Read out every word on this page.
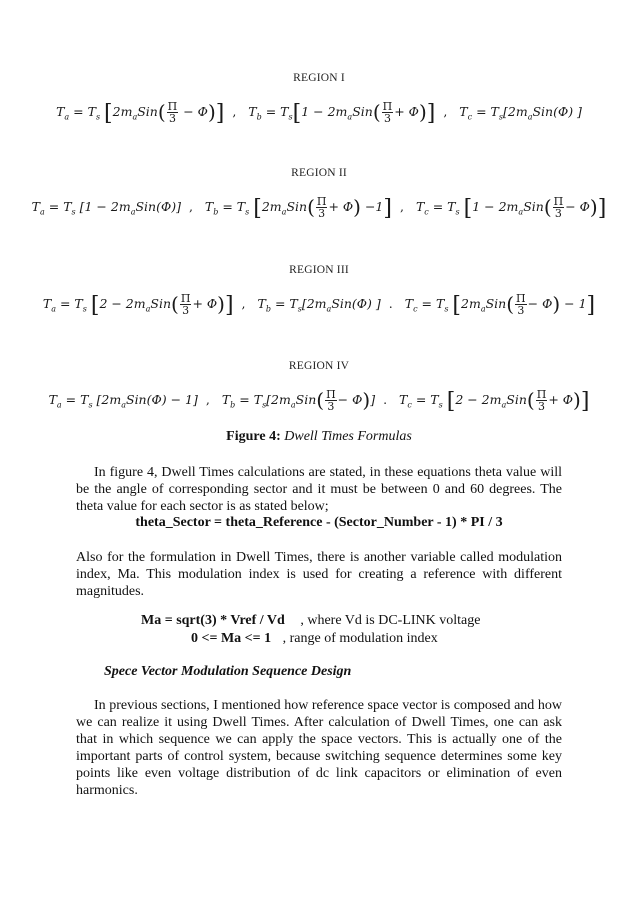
REGION I
$T_a = T_s$ $[2m_aSin( \frac{\Pi}{3} - \Phi)]$ , $T_b = T_s[1 - 2m_aSin( \frac{\Pi}{3} + \Phi)]$ , $T_c = T_s[2m_aSin(\Phi)$ ]
REGION II
$T_a = T_s$ $[1 - 2m_aSin(\Phi)]$ , $T_b = T_s$ $[2m_aSin( \frac{\Pi}{3} + \Phi) -1]$ , $T_c = T_s$ $[1 - 2m_aSin( \frac{\Pi}{3} - \Phi)]$
REGION III
$T_a = T_s$ $[2 - 2m_aSin( \frac{\Pi}{3} + \Phi)]$ , $T_b = T_s[2m_aSin(\Phi)$ ] . $T_c = T_s$ $[2m_aSin( \frac{\Pi}{3} - \Phi) - 1]$
REGION IV
$T_a = T_s$ $[2m_aSin(\Phi) - 1]$ , $T_b = T_s[2m_aSin( \frac{\Pi}{3} - \Phi)]$ . $T_c = T_s$ $[2 - 2m_aSin( \frac{\Pi}{3} + \Phi)]$
Figure 4: Dwell Times Formulas
In figure 4, Dwell Times calculations are stated, in these equations theta value will be the angle of corresponding sector and it must be between 0 and 60 degrees. The theta value for each sector is as stated below;
theta_Sector = theta_Reference - (Sector_Number - 1) * PI / 3
Also for the formulation in Dwell Times, there is another variable called modulation index, Ma. This modulation index is used for creating a reference with different magnitudes.
Ma = sqrt(3) * Vref / Vd , where Vd is DC-LINK voltage
0 <= Ma <= 1 , range of modulation index
Spece Vector Modulation Sequence Design
In previous sections, I mentioned how reference space vector is composed and how we can realize it using Dwell Times. After calculation of Dwell Times, one can ask that in which sequence we can apply the space vectors. This is actually one of the important parts of control system, because switching sequence determines some key points like even voltage distribution of dc link capacitors or elimination of even harmonics.
